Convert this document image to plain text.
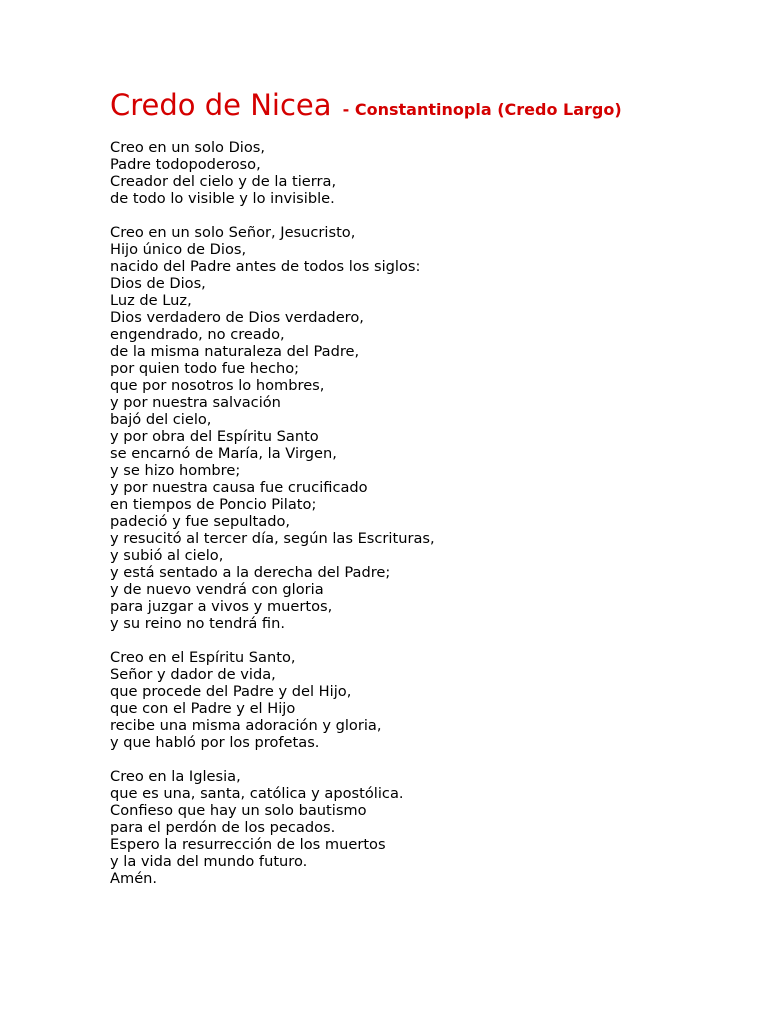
Credo de Nicea - Constantinopla (Credo Largo)

Creo en un solo Dios,
Padre todopoderoso,
Creador del cielo y de la tierra,
de todo lo visible y lo invisible.

Creo en un solo Señor, Jesucristo,
Hijo único de Dios,
nacido del Padre antes de todos los siglos:
Dios de Dios,
Luz de Luz,
Dios verdadero de Dios verdadero,
engendrado, no creado,
de la misma naturaleza del Padre,
por quien todo fue hecho;
que por nosotros lo hombres,
y por nuestra salvación
bajó del cielo,
y por obra del Espíritu Santo
se encarnó de María, la Virgen,
y se hizo hombre;
y por nuestra causa fue crucificado
en tiempos de Poncio Pilato;
padeció y fue sepultado,
y resucitó al tercer día, según las Escrituras,
y subió al cielo,
y está sentado a la derecha del Padre;
y de nuevo vendrá con gloria
para juzgar a vivos y muertos,
y su reino no tendrá fin.

Creo en el Espíritu Santo,
Señor y dador de vida,
que procede del Padre y del Hijo,
que con el Padre y el Hijo
recibe una misma adoración y gloria,
y que habló por los profetas.

Creo en la Iglesia,
que es una, santa, católica y apostólica.
Confieso que hay un solo bautismo
para el perdón de los pecados.
Espero la resurrección de los muertos
y la vida del mundo futuro.
Amén.
